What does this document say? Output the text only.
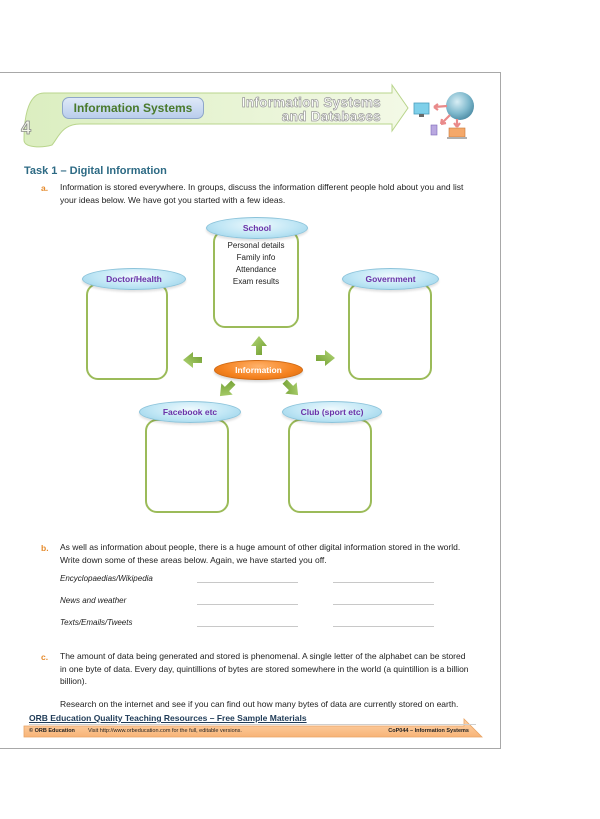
4
Information Systems	Information Systems
and Databases
Task 1 – Digital Information
a. Information is stored everywhere. In groups, discuss the information different people hold about you and list
your ideas below. We have got you started with a few ideas.
School
Personal details
Family info
Attendance
Exam results
Doctor/Health	Government
Facebook etc	Club (sport etc)
Information
b. As well as information about people, there is a huge amount of other digital information stored in the world.
Write down some of these areas below. Again, we have started you off.
Encyclopaedias/Wikipedia
News and weather
Texts/Emails/Tweets
c. The amount of data being generated and stored is phenomenal. A single letter of the alphabet can be stored
in one byte of data. Every day, quintillions of bytes are stored somewhere in the world (a quintillion is a billion
billion).
Research on the internet and see if you can find out how many bytes of data are currently stored on earth.
ORB Education Quality Teaching Resources – Free Sample Materials
© ORB Education Visit http://www.orbeducation.com for the full, editable versions.	CoP044 – Information Systems
